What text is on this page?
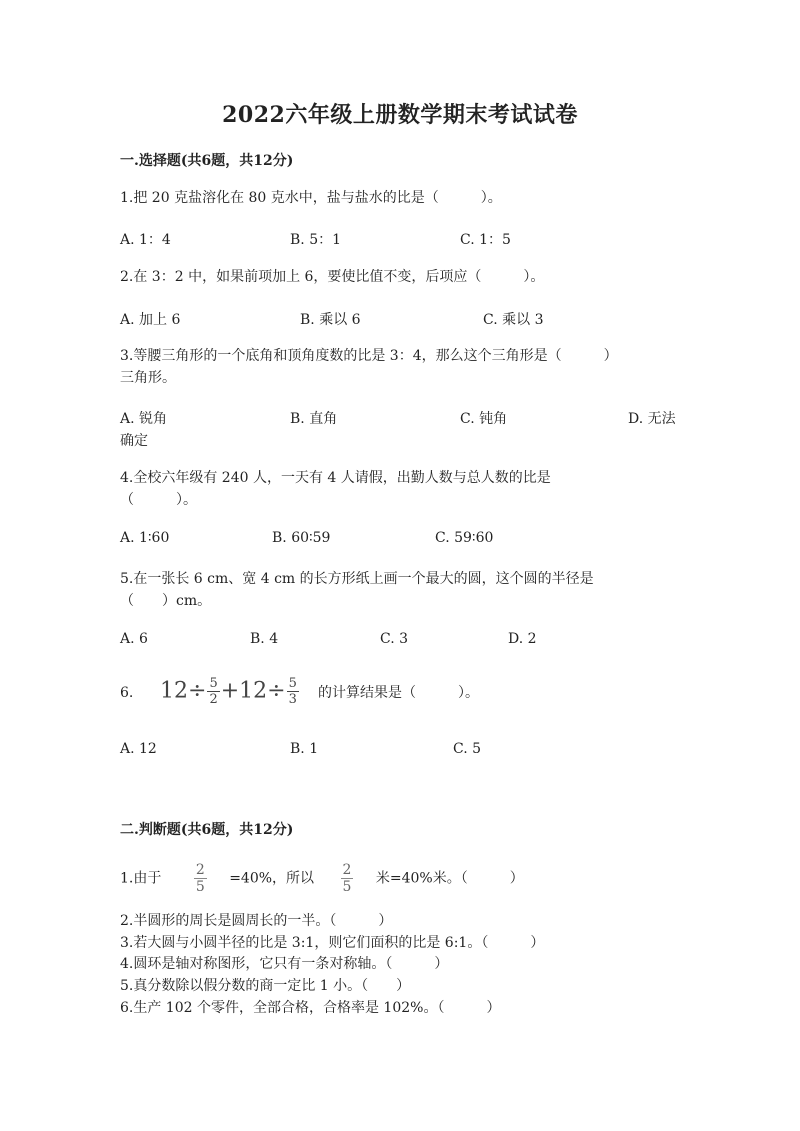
2022六年级上册数学期末考试试卷
一.选择题(共6题，共12分)
1.把 20 克盐溶化在 80 克水中，盐与盐水的比是（　　　）。
A. 1：4	B. 5：1	C. 1：5
2.在 3：2 中，如果前项加上 6，要使比值不变，后项应（　　　）。
A. 加上 6	B. 乘以 6	C. 乘以 3
3.等腰三角形的一个底角和顶角度数的比是 3：4，那么这个三角形是（　　　）
三角形。
A. 锐角	B. 直角	C. 钝角	D. 无法
确定
4.全校六年级有 240 人，一天有 4 人请假，出勤人数与总人数的比是
（　　　）。
A. 1∶60	B. 60∶59	C. 59∶60
5.在一张长 6 cm、宽 4 cm 的长方形纸上画一个最大的圆，这个圆的半径是
（　　）cm。
A. 6	B. 4	C. 3	D. 2
6. $12\div \frac{5}{2} +12\div \frac{5}{3}$ 的计算结果是（　　　）。
A. 12	B. 1	C. 5
二.判断题(共6题，共12分)
1.由于 $\frac{2}{5} =40\%$，所以 $\frac{2}{5}$ 米=40%米。（　　　）
2.半圆形的周长是圆周长的一半。（　　　）
3.若大圆与小圆半径的比是 3:1，则它们面积的比是 6:1。（　　　）
4.圆环是轴对称图形，它只有一条对称轴。（　　　）
5.真分数除以假分数的商一定比 1 小。（　　）
6.生产 102 个零件，全部合格，合格率是 102%。（　　　）
